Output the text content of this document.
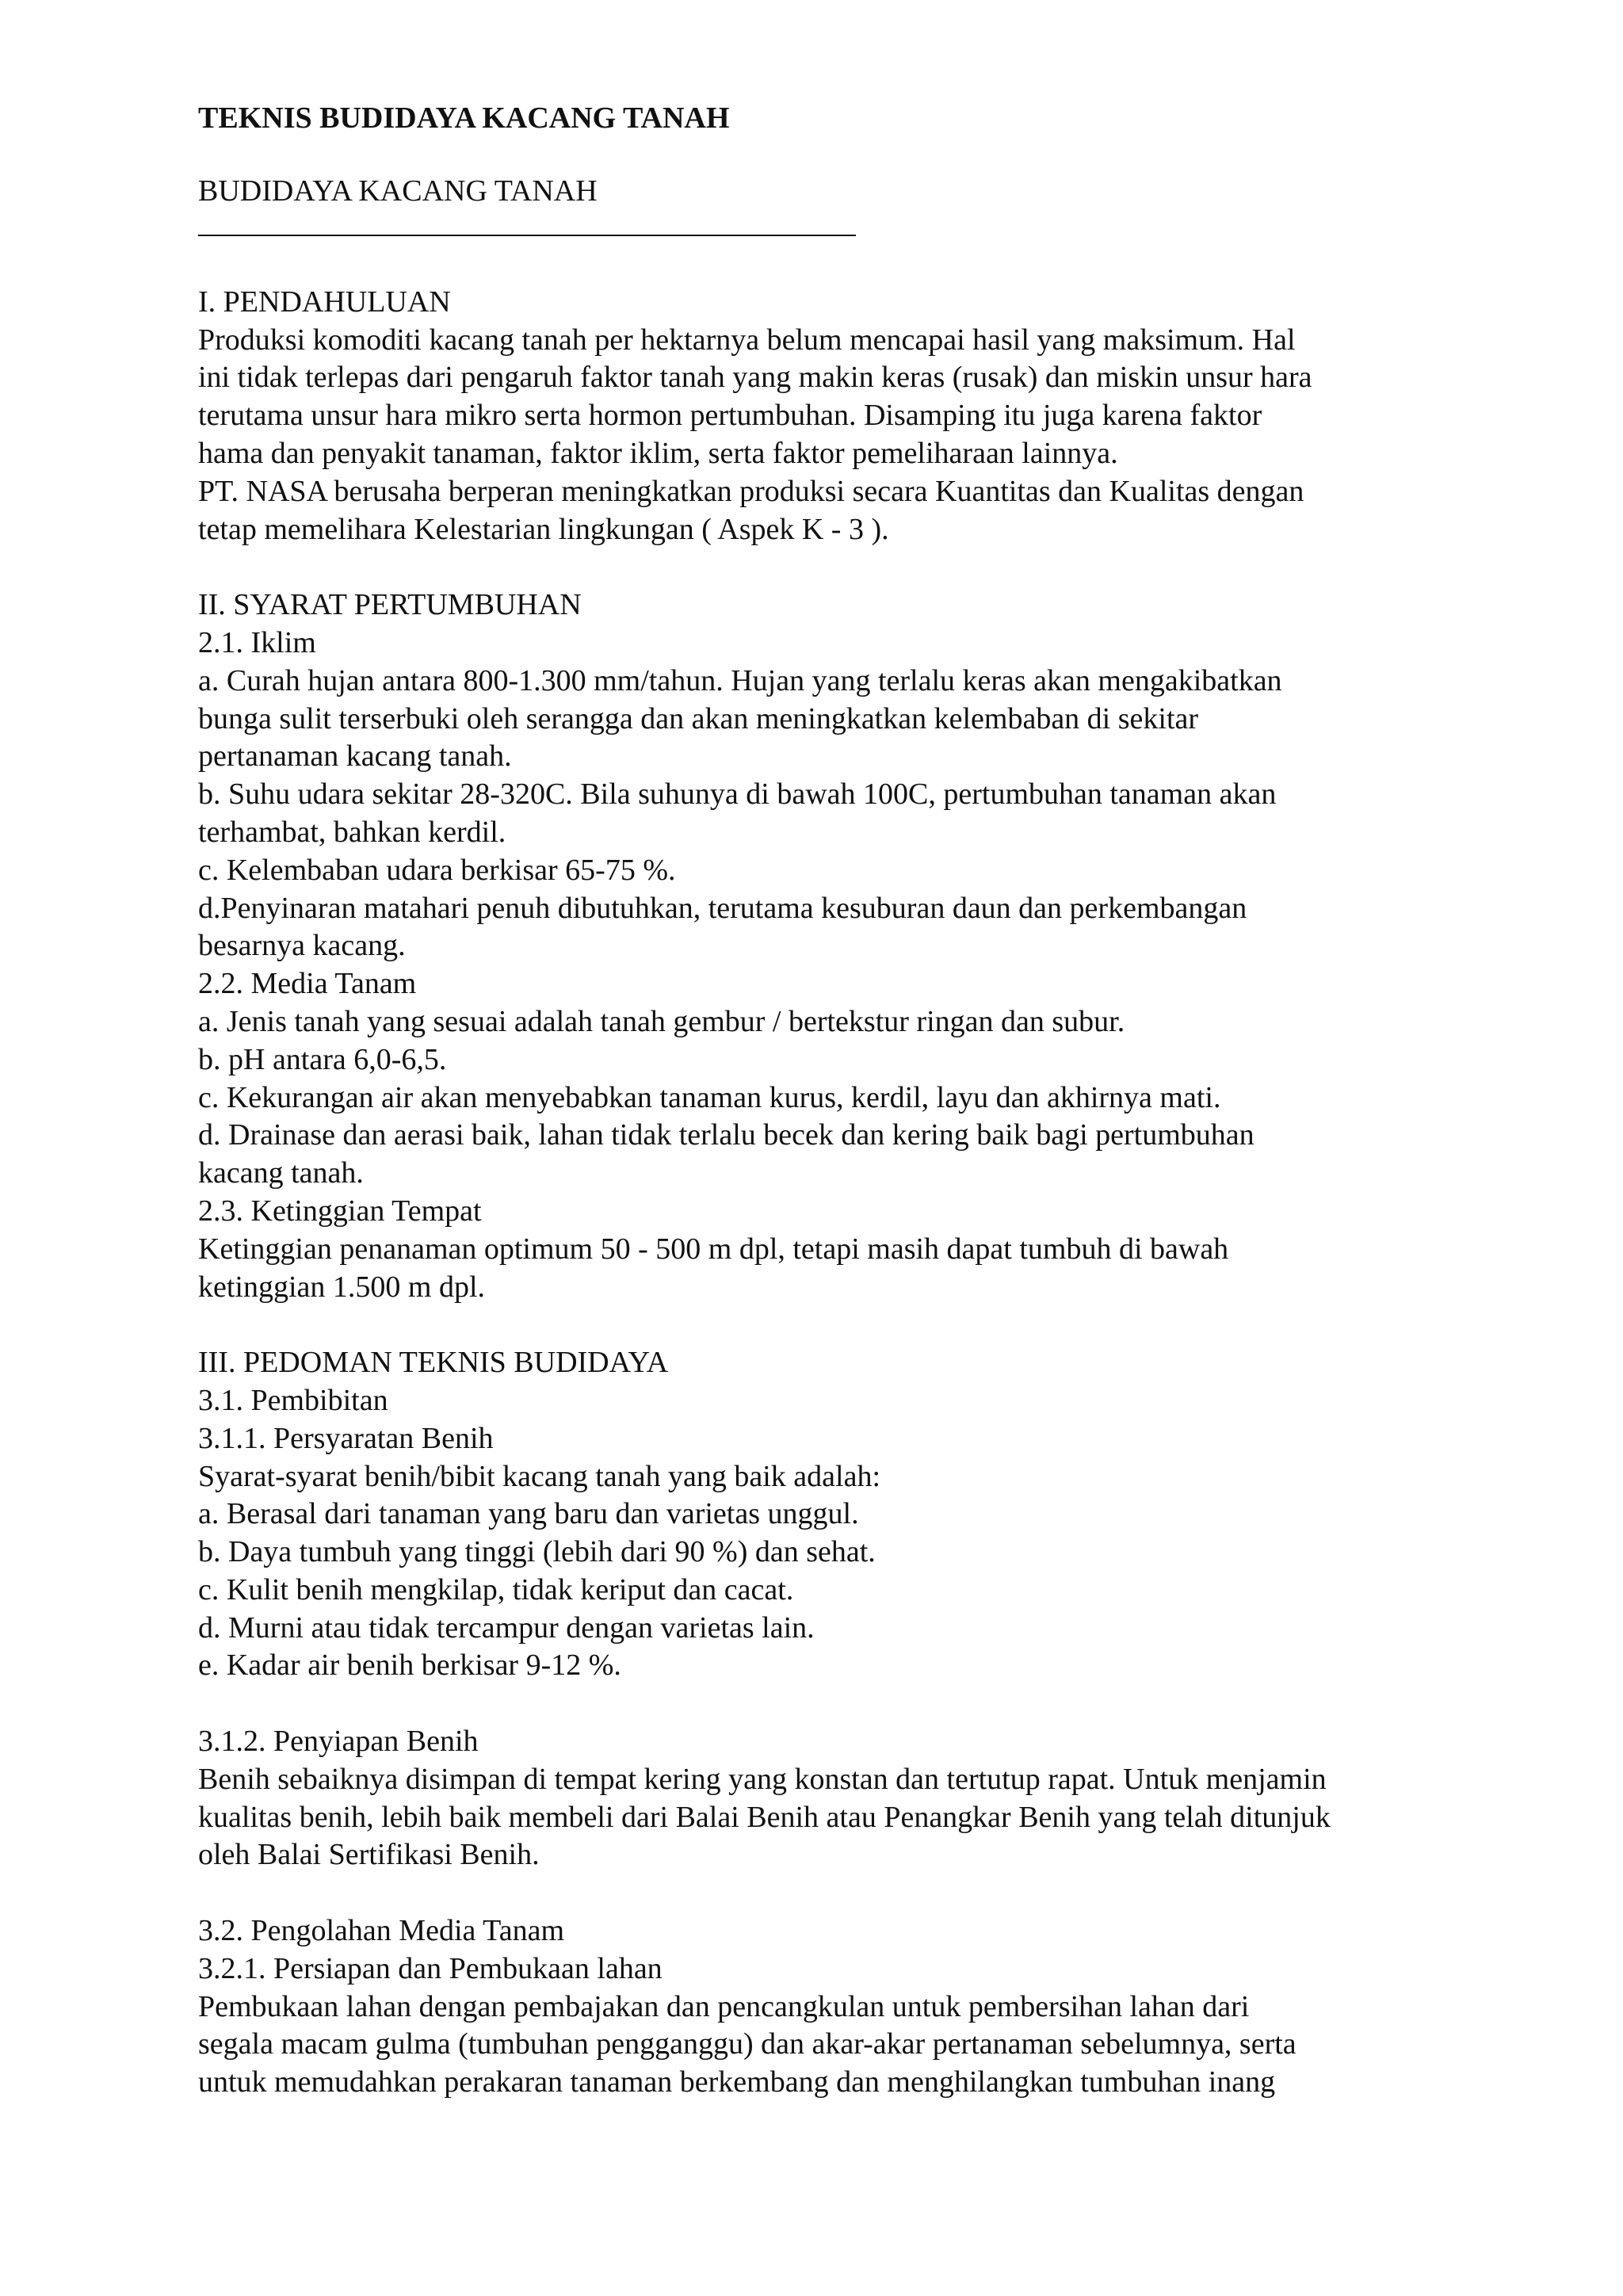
TEKNIS BUDIDAYA KACANG TANAH
BUDIDAYA KACANG TANAH
I. PENDAHULUAN
Produksi komoditi kacang tanah per hektarnya belum mencapai hasil yang maksimum. Hal
ini tidak terlepas dari pengaruh faktor tanah yang makin keras (rusak) dan miskin unsur hara
terutama unsur hara mikro serta hormon pertumbuhan. Disamping itu juga karena faktor
hama dan penyakit tanaman, faktor iklim, serta faktor pemeliharaan lainnya.
PT. NASA berusaha berperan meningkatkan produksi secara Kuantitas dan Kualitas dengan
tetap memelihara Kelestarian lingkungan ( Aspek K - 3 ).
II. SYARAT PERTUMBUHAN
2.1. Iklim
a. Curah hujan antara 800-1.300 mm/tahun. Hujan yang terlalu keras akan mengakibatkan
bunga sulit terserbuki oleh serangga dan akan meningkatkan kelembaban di sekitar
pertanaman kacang tanah.
b. Suhu udara sekitar 28-320C. Bila suhunya di bawah 100C, pertumbuhan tanaman akan
terhambat, bahkan kerdil.
c. Kelembaban udara berkisar 65-75 %.
d.Penyinaran matahari penuh dibutuhkan, terutama kesuburan daun dan perkembangan
besarnya kacang.
2.2. Media Tanam
a. Jenis tanah yang sesuai adalah tanah gembur / bertekstur ringan dan subur.
b. pH antara 6,0-6,5.
c. Kekurangan air akan menyebabkan tanaman kurus, kerdil, layu dan akhirnya mati.
d. Drainase dan aerasi baik, lahan tidak terlalu becek dan kering baik bagi pertumbuhan
kacang tanah.
2.3. Ketinggian Tempat
Ketinggian penanaman optimum 50 - 500 m dpl, tetapi masih dapat tumbuh di bawah
ketinggian 1.500 m dpl.
III. PEDOMAN TEKNIS BUDIDAYA
3.1. Pembibitan
3.1.1. Persyaratan Benih
Syarat-syarat benih/bibit kacang tanah yang baik adalah:
a. Berasal dari tanaman yang baru dan varietas unggul.
b. Daya tumbuh yang tinggi (lebih dari 90 %) dan sehat.
c. Kulit benih mengkilap, tidak keriput dan cacat.
d. Murni atau tidak tercampur dengan varietas lain.
e. Kadar air benih berkisar 9-12 %.
3.1.2. Penyiapan Benih
Benih sebaiknya disimpan di tempat kering yang konstan dan tertutup rapat. Untuk menjamin
kualitas benih, lebih baik membeli dari Balai Benih atau Penangkar Benih yang telah ditunjuk
oleh Balai Sertifikasi Benih.
3.2. Pengolahan Media Tanam
3.2.1. Persiapan dan Pembukaan lahan
Pembukaan lahan dengan pembajakan dan pencangkulan untuk pembersihan lahan dari
segala macam gulma (tumbuhan pengganggu) dan akar-akar pertanaman sebelumnya, serta
untuk memudahkan perakaran tanaman berkembang dan menghilangkan tumbuhan inang
